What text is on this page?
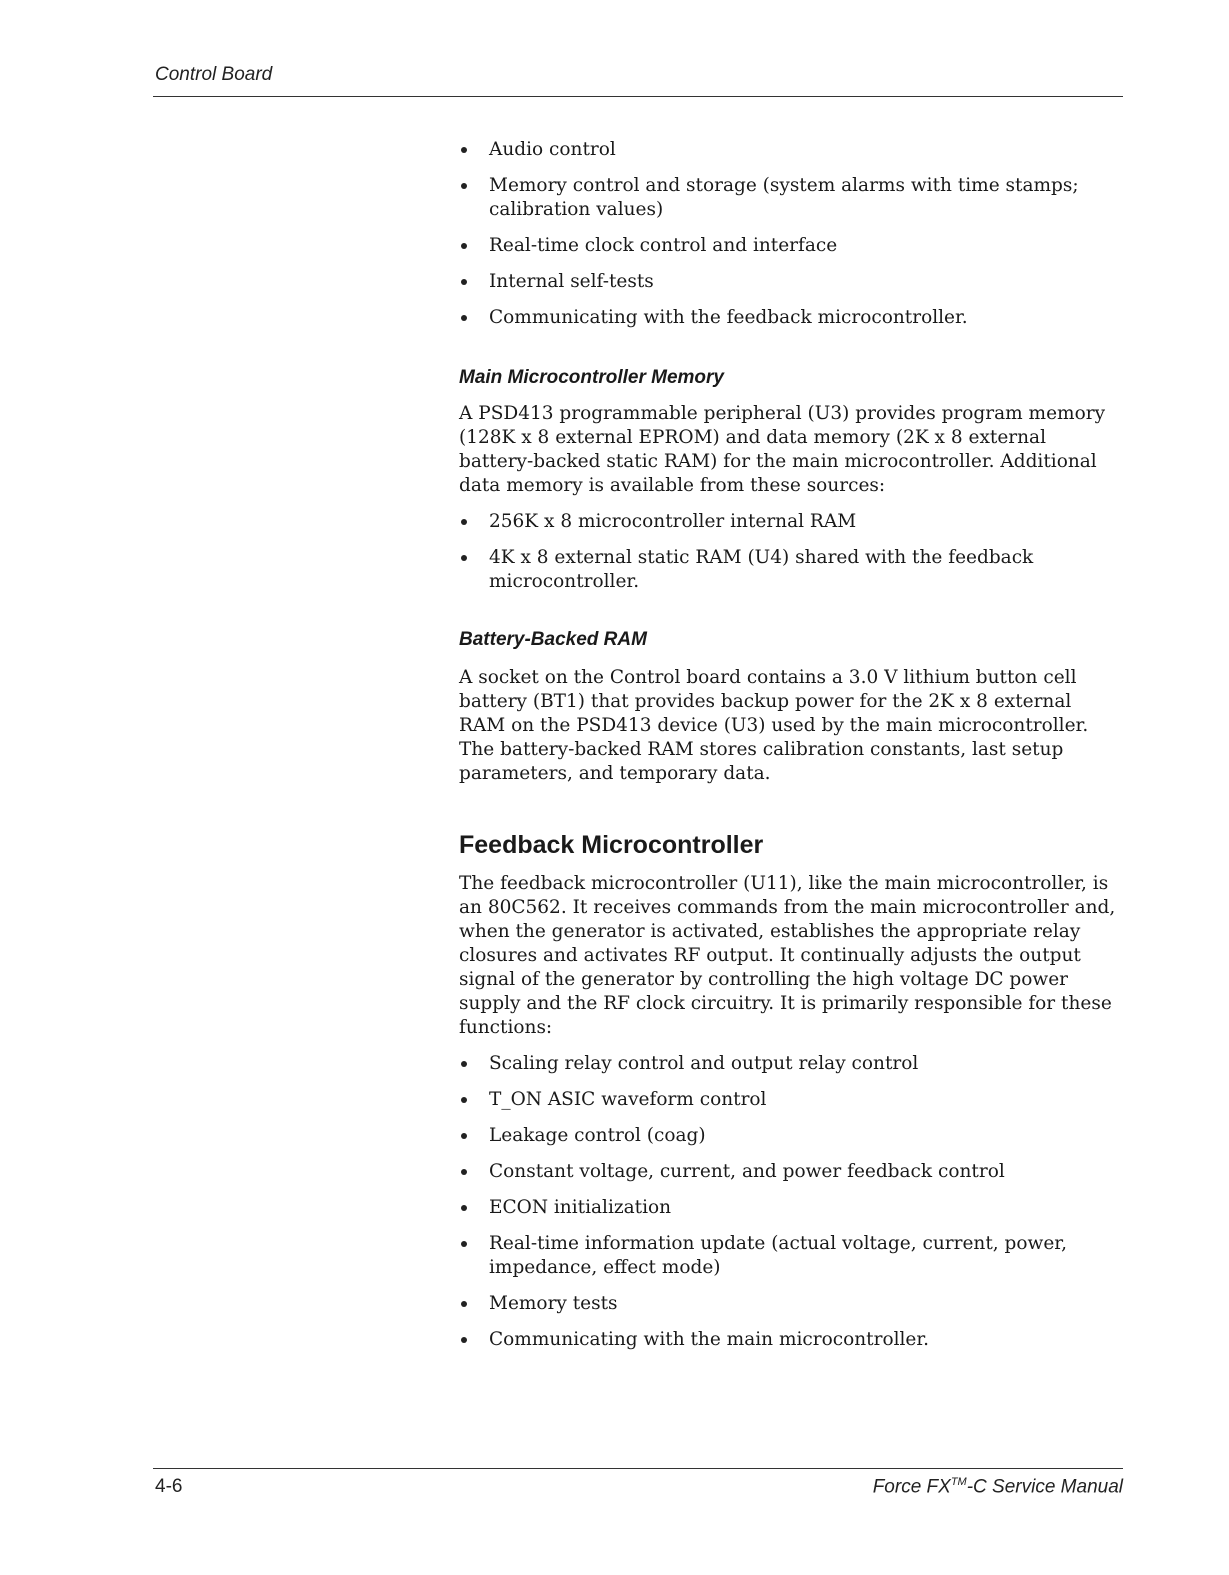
Control Board
Audio control
Memory control and storage (system alarms with time stamps; calibration values)
Real-time clock control and interface
Internal self-tests
Communicating with the feedback microcontroller.
Main Microcontroller Memory

A PSD413 programmable peripheral (U3) provides program memory (128K x 8 external EPROM) and data memory (2K x 8 external battery-backed static RAM) for the main microcontroller. Additional data memory is available from these sources:

256K x 8 microcontroller internal RAM
4K x 8 external static RAM (U4) shared with the feedback microcontroller.
Battery-Backed RAM

A socket on the Control board contains a 3.0 V lithium button cell battery (BT1) that provides backup power for the 2K x 8 external RAM on the PSD413 device (U3) used by the main microcontroller. The battery-backed RAM stores calibration constants, last setup parameters, and temporary data.

Feedback Microcontroller

The feedback microcontroller (U11), like the main microcontroller, is an 80C562. It receives commands from the main microcontroller and, when the generator is activated, establishes the appropriate relay closures and activates RF output. It continually adjusts the output signal of the generator by controlling the high voltage DC power supply and the RF clock circuitry. It is primarily responsible for these functions:

Scaling relay control and output relay control
T_ON ASIC waveform control
Leakage control (coag)
Constant voltage, current, and power feedback control
ECON initialization
Real-time information update (actual voltage, current, power, impedance, effect mode)
Memory tests
Communicating with the main microcontroller.
4-6	Force FX™-C Service Manual
